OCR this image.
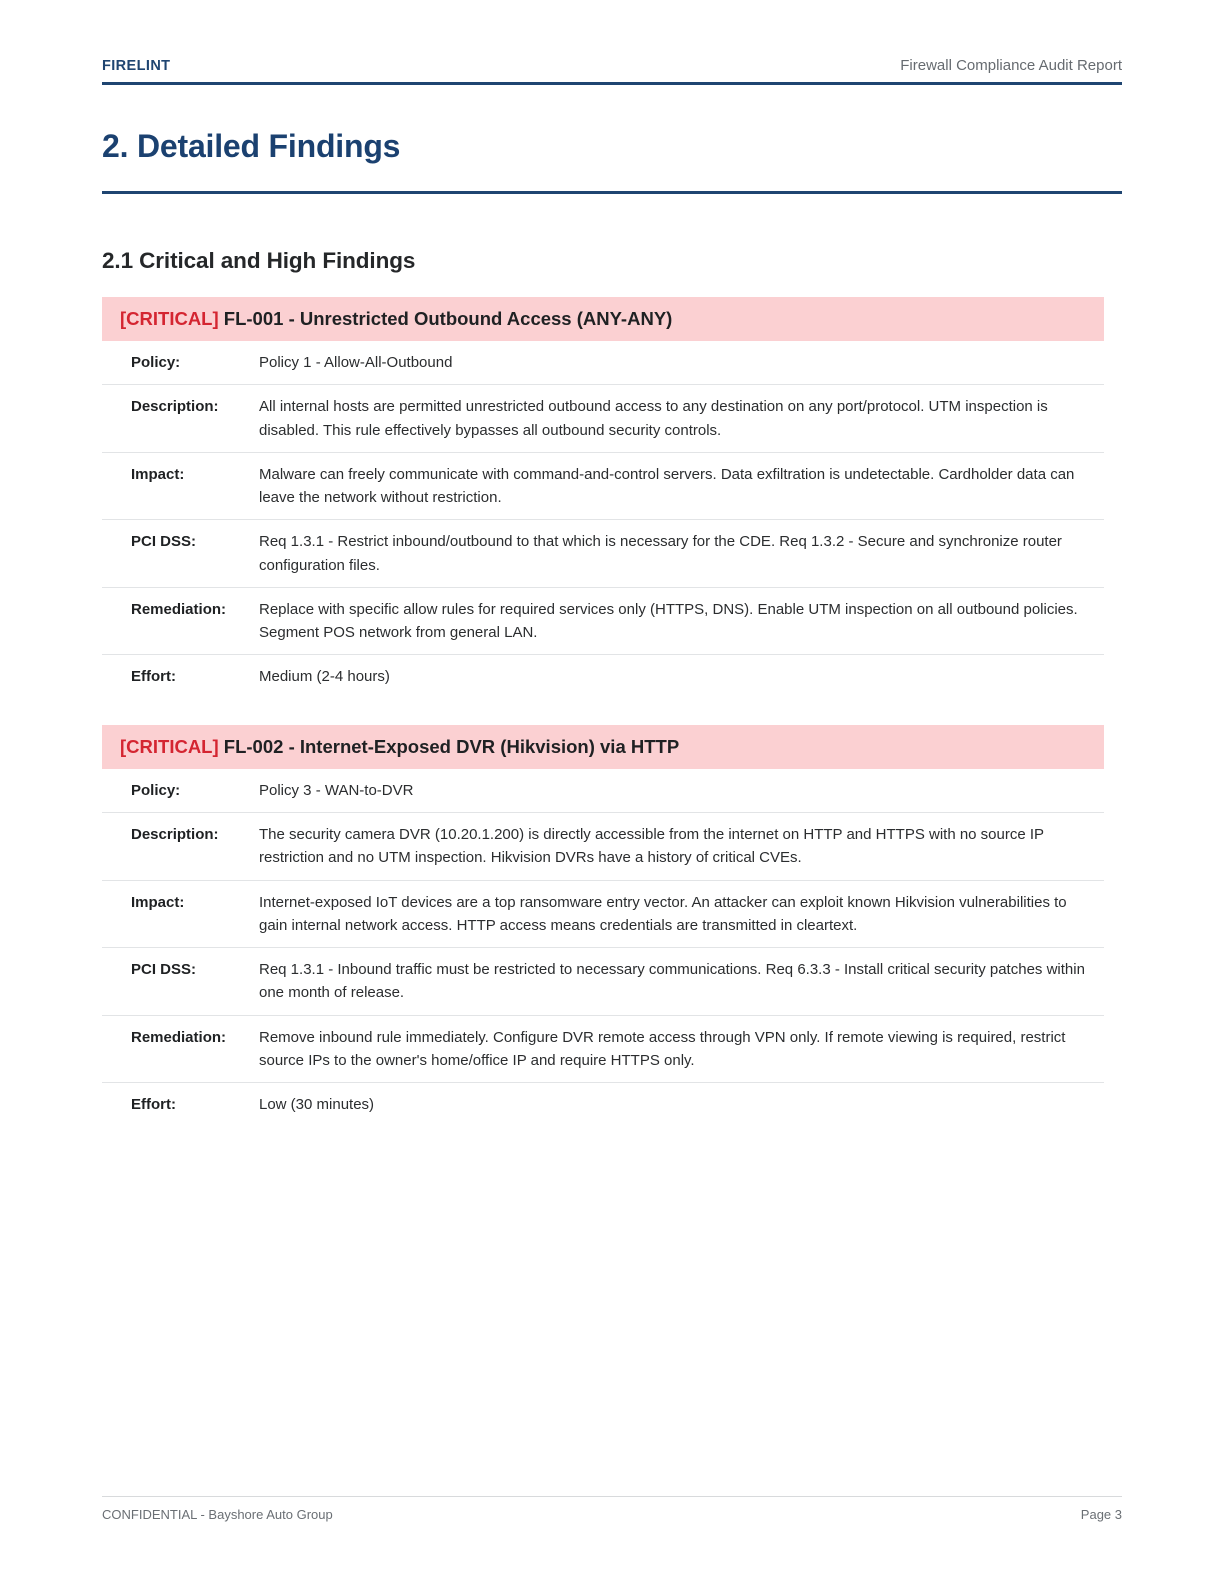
FIRELINT	Firewall Compliance Audit Report
2. Detailed Findings
2.1 Critical and High Findings
[CRITICAL] FL-001 - Unrestricted Outbound Access (ANY-ANY)
Policy:	Policy 1 - Allow-All-Outbound
Description:	All internal hosts are permitted unrestricted outbound access to any destination on any port/protocol. UTM inspection is disabled. This rule effectively bypasses all outbound security controls.
Impact:	Malware can freely communicate with command-and-control servers. Data exfiltration is undetectable. Cardholder data can leave the network without restriction.
PCI DSS:	Req 1.3.1 - Restrict inbound/outbound to that which is necessary for the CDE. Req 1.3.2 - Secure and synchronize router configuration files.
Remediation:	Replace with specific allow rules for required services only (HTTPS, DNS). Enable UTM inspection on all outbound policies. Segment POS network from general LAN.
Effort:	Medium (2-4 hours)
[CRITICAL] FL-002 - Internet-Exposed DVR (Hikvision) via HTTP
Policy:	Policy 3 - WAN-to-DVR
Description:	The security camera DVR (10.20.1.200) is directly accessible from the internet on HTTP and HTTPS with no source IP restriction and no UTM inspection. Hikvision DVRs have a history of critical CVEs.
Impact:	Internet-exposed IoT devices are a top ransomware entry vector. An attacker can exploit known Hikvision vulnerabilities to gain internal network access. HTTP access means credentials are transmitted in cleartext.
PCI DSS:	Req 1.3.1 - Inbound traffic must be restricted to necessary communications. Req 6.3.3 - Install critical security patches within one month of release.
Remediation:	Remove inbound rule immediately. Configure DVR remote access through VPN only. If remote viewing is required, restrict source IPs to the owner's home/office IP and require HTTPS only.
Effort:	Low (30 minutes)
CONFIDENTIAL - Bayshore Auto Group	Page 3
